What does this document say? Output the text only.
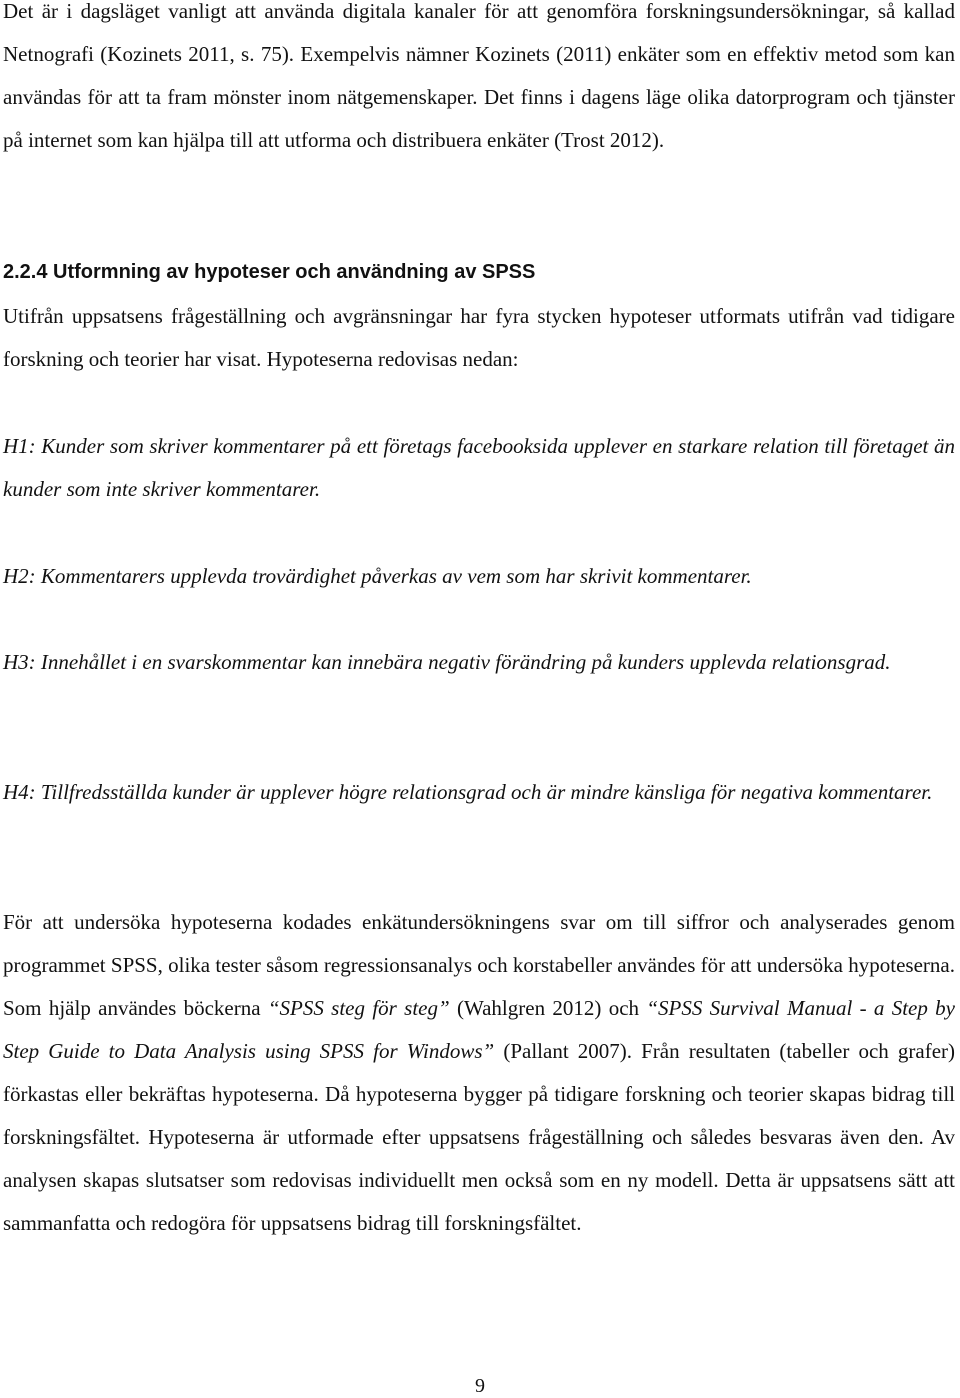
Det är i dagsläget vanligt att använda digitala kanaler för att genomföra forskningsundersökningar, så kallad Netnografi (Kozinets 2011, s. 75). Exempelvis nämner Kozinets (2011) enkäter som en effektiv metod som kan användas för att ta fram mönster inom nätgemenskaper. Det finns i dagens läge olika datorprogram och tjänster på internet som kan hjälpa till att utforma och distribuera enkäter (Trost 2012).

2.2.4 Utformning av hypoteser och användning av SPSS

Utifrån uppsatsens frågeställning och avgränsningar har fyra stycken hypoteser utformats utifrån vad tidigare forskning och teorier har visat. Hypoteserna redovisas nedan:

H1: Kunder som skriver kommentarer på ett företags facebooksida upplever en starkare relation till företaget än kunder som inte skriver kommentarer.

H2: Kommentarers upplevda trovärdighet påverkas av vem som har skrivit kommentarer.

H3: Innehållet i en svarskommentar kan innebära negativ förändring på kunders upplevda relationsgrad.

H4: Tillfredsställda kunder är upplever högre relationsgrad och är mindre känsliga för negativa kommentarer.

För att undersöka hypoteserna kodades enkätundersökningens svar om till siffror och analyserades genom programmet SPSS, olika tester såsom regressionsanalys och korstabeller användes för att undersöka hypoteserna. Som hjälp användes böckerna “SPSS steg för steg” (Wahlgren 2012) och “SPSS Survival Manual - a Step by Step Guide to Data Analysis using SPSS for Windows” (Pallant 2007). Från resultaten (tabeller och grafer) förkastas eller bekräftas hypoteserna. Då hypoteserna bygger på tidigare forskning och teorier skapas bidrag till forskningsfältet. Hypoteserna är utformade efter uppsatsens frågeställning och således besvaras även den. Av analysen skapas slutsatser som redovisas individuellt men också som en ny modell. Detta är uppsatsens sätt att sammanfatta och redogöra för uppsatsens bidrag till forskningsfältet.

9
